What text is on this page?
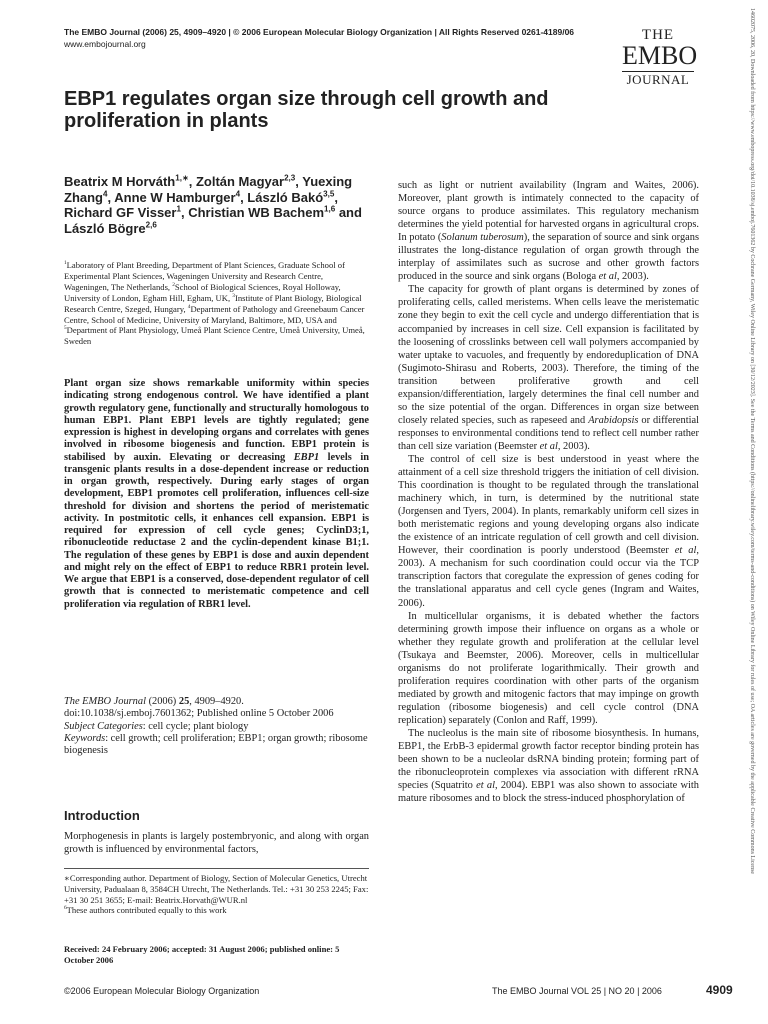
The EMBO Journal (2006) 25, 4909–4920 | © 2006 European Molecular Biology Organization | All Rights Reserved 0261-4189/06
www.embojournal.org
THE
EMBO
JOURNAL	14602075, 2006, 20, Downloaded from https://www.embopress.org/doi/10.1038/sj.emboj.7601362 by Cochrane Germany, Wiley Online Library on [30/12/2023]. See the Terms and Conditions (https://onlinelibrary.wiley.com/terms-and-conditions) on Wiley Online Library for rules of use; OA articles are governed by the applicable Creative Commons License
EBP1 regulates organ size through cell growth and proliferation in plants
Beatrix M Horváth$^{1,∗}$, Zoltán Magyar$^{2,3}$, Yuexing Zhang$^4$, Anne W Hamburger$^4$, László Bakó$^{3,5}$, Richard GF Visser$^1$, Christian WB Bachem$^{1,6}$ and László Bögre$^{2,6}$
$^1$Laboratory of Plant Breeding, Department of Plant Sciences, Graduate School of Experimental Plant Sciences, Wageningen University and Research Centre, Wageningen, The Netherlands, $^2$School of Biological Sciences, Royal Holloway, University of London, Egham Hill, Egham, UK, $^3$Institute of Plant Biology, Biological Research Centre, Szeged, Hungary, $^4$Department of Pathology and Greenebaum Cancer Centre, School of Medicine, University of Maryland, Baltimore, MD, USA and
$^5$Department of Plant Physiology, Umeå Plant Science Centre, Umeå University, Umeå, Sweden
Plant organ size shows remarkable uniformity within species indicating strong endogenous control. We have identified a plant growth regulatory gene, functionally and structurally homologous to human EBP1. Plant EBP1 levels are tightly regulated; gene expression is highest in developing organs and correlates with genes involved in ribosome biogenesis and function. EBP1 protein is stabilised by auxin. Elevating or decreasing EBP1 levels in transgenic plants results in a dose-dependent increase or reduction in organ growth, respectively. During early stages of organ development, EBP1 promotes cell proliferation, influences cell-size threshold for division and shortens the period of meristematic activity. In postmitotic cells, it enhances cell expansion. EBP1 is required for expression of cell cycle genes; CyclinD3;1, ribonucleotide reductase 2 and the cyclin-dependent kinase B1;1. The regulation of these genes by EBP1 is dose and auxin dependent and might rely on the effect of EBP1 to reduce RBR1 protein level. We argue that EBP1 is a conserved, dose-dependent regulator of cell growth that is connected to meristematic competence and cell proliferation via regulation of RBR1 level.
The EMBO Journal (2006) 25, 4909–4920. doi:10.1038/sj.emboj.7601362; Published online 5 October 2006
Subject Categories: cell cycle; plant biology
Keywords: cell growth; cell proliferation; EBP1; organ growth; ribosome biogenesis
Introduction
Morphogenesis in plants is largely postembryonic, and along with organ growth is influenced by environmental factors,
∗Corresponding author. Department of Biology, Section of Molecular Genetics, Utrecht University, Padualaan 8, 3584CH Utrecht, The Netherlands. Tel.: +31 30 253 2245; Fax: +31 30 251 3655; E-mail: Beatrix.Horvath@WUR.nl
$^6$These authors contributed equally to this work
Received: 24 February 2006; accepted: 31 August 2006; published online: 5 October 2006

such as light or nutrient availability (Ingram and Waites, 2006). Moreover, plant growth is intimately connected to the capacity of source organs to produce assimilates. This regulatory mechanism determines the yield potential for harvested organs in agricultural crops. In potato (Solanum tuberosum), the separation of source and sink organs illustrates the long-distance regulation of organ growth through the interplay of assimilates such as sucrose and other growth factors produced in the source and sink organs (Bologa et al, 2003).

The capacity for growth of plant organs is determined by zones of proliferating cells, called meristems. When cells leave the meristematic zone they begin to exit the cell cycle and undergo differentiation that is accompanied by increases in cell size. Cell expansion is facilitated by the loosening of crosslinks between cell wall polymers accompanied by water uptake to vacuoles, and frequently by endoreduplication of DNA (Sugimoto-Shirasu and Roberts, 2003). Therefore, the timing of the transition between proliferative growth and cell expansion/differentiation, largely determines the final cell number and so the size potential of the organ. Differences in organ size between closely related species, such as rapeseed and Arabidopsis or differential responses to environmental conditions tend to reflect cell number rather than cell size variation (Beemster et al, 2003).

The control of cell size is best understood in yeast where the attainment of a cell size threshold triggers the initiation of cell division. This coordination is thought to be regulated through the translational machinery which, in turn, is determined by the nutritional state (Jorgensen and Tyers, 2004). In plants, remarkably uniform cell sizes in both meristematic regions and young developing organs also indicate the existence of an intricate regulation of cell growth and cell division. However, their coordination is poorly understood (Beemster et al, 2003). A mechanism for such coordination could occur via the TCP transcription factors that coregulate the expression of genes coding for the translational apparatus and cell cycle genes (Ingram and Waites, 2006).

In multicellular organisms, it is debated whether the factors determining growth impose their influence on organs as a whole or whether they regulate growth and proliferation at the cellular level (Tsukaya and Beemster, 2006). Moreover, cells in multicellular organisms do not proliferate logarithmically. Their growth and proliferation requires coordination with other parts of the organism mediated by growth and mitogenic factors that may impinge on growth regulation (ribosome biogenesis) and cell cycle control (DNA replication) separately (Conlon and Raff, 1999).

The nucleolus is the main site of ribosome biosynthesis. In humans, EBP1, the ErbB-3 epidermal growth factor receptor binding protein has been shown to be a nucleolar dsRNA binding protein; forming part of the ribonucleoprotein complexes via association with different rRNA species (Squatrito et al, 2004). EBP1 was also shown to associate with mature ribosomes and to block the stress-induced phosphorylation of

©2006 European Molecular Biology Organization	The EMBO Journal VOL 25 | NO 20 | 2006	4909
